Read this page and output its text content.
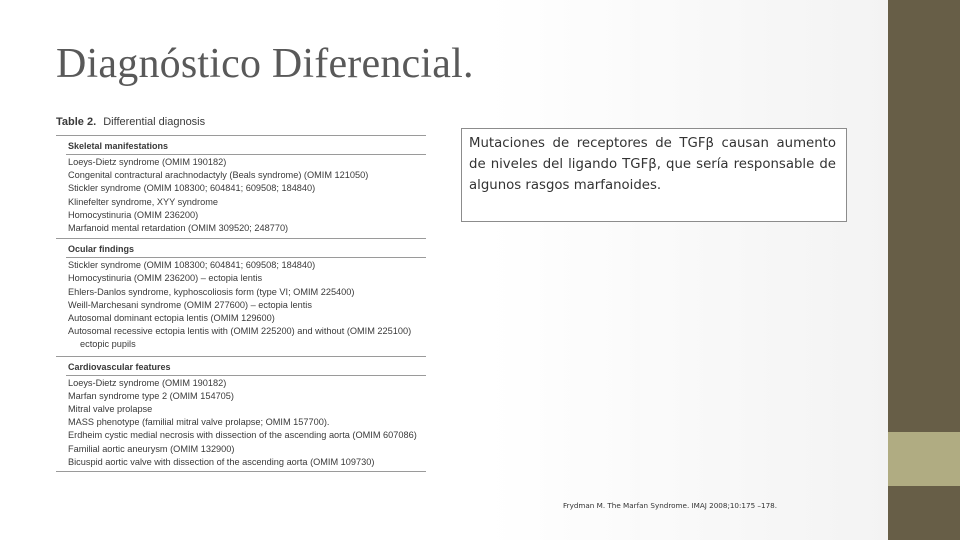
Diagnóstico Diferencial.
Table 2. Differential diagnosis
Skeletal manifestations
Loeys-Dietz syndrome (OMIM 190182)
Congenital contractural arachnodactyly (Beals syndrome) (OMIM 121050)
Stickler syndrome (OMIM 108300; 604841; 609508; 184840)
Klinefelter syndrome, XYY syndrome
Homocystinuria (OMIM 236200)
Marfanoid mental retardation (OMIM 309520; 248770)
Ocular findings
Stickler syndrome (OMIM 108300; 604841; 609508; 184840)
Homocystinuria (OMIM 236200) – ectopia lentis
Ehlers-Danlos syndrome, kyphoscoliosis form (type VI; OMIM 225400)
Weill-Marchesani syndrome (OMIM 277600) – ectopia lentis
Autosomal dominant ectopia lentis (OMIM 129600)
Autosomal recessive ectopia lentis with (OMIM 225200) and without (OMIM 225100)
ectopic pupils
Cardiovascular features
Loeys-Dietz syndrome (OMIM 190182)
Marfan syndrome type 2 (OMIM 154705)
Mitral valve prolapse
MASS phenotype (familial mitral valve prolapse; OMIM 157700).
Erdheim cystic medial necrosis with dissection of the ascending aorta (OMIM 607086)
Familial aortic aneurysm (OMIM 132900)
Bicuspid aortic valve with dissection of the ascending aorta (OMIM 109730)
Mutaciones de receptores de TGFβ causan aumento de niveles del ligando TGFβ, que sería responsable de algunos rasgos marfanoides.
Frydman M. The Marfan Syndrome. IMAJ 2008;10:175 –178.
